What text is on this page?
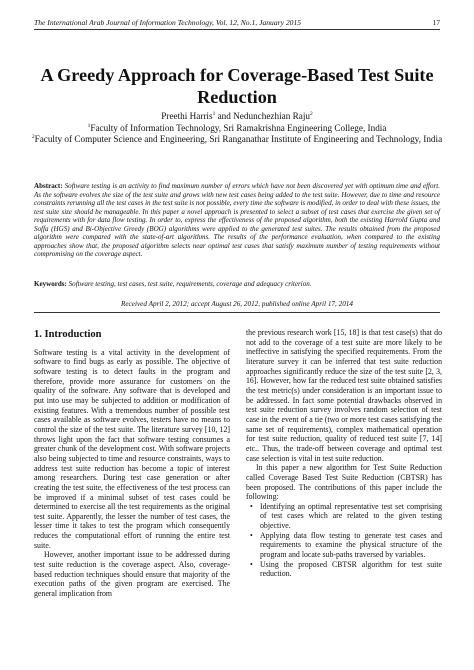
The International Arab Journal of Information Technology, Vol. 12, No.1, January 2015	17
A Greedy Approach for Coverage-Based Test Suite Reduction
Preethi Harris$^1$ and Nedunchezhian Raju$^2$
$^1$Faculty of Information Technology, Sri Ramakrishna Engineering College, India
$^2$Faculty of Computer Science and Engineering, Sri Ranganathar Institute of Engineering and Technology, India
Abstract: Software testing is an activity to find maximum number of errors which have not been discovered yet with optimum time and effort. As the software evolves the size of the test suite and grows with new test cases being added to the test suite. However, due to time and resource constraints rerunning all the test cases in the test suite is not possible, every time the software is modified, in order to deal with these issues, the test suite size should be manageable. In this paper a novel approach is presented to select a subset of test cases that exercise the given set of requirements with for data flow testing. In order to, express the effectiveness of the proposed algorithm, both the existing Harrold Gupta and Soffa (HGS) and Bi-Objective Greedy (BOG) algorithms were applied to the generated test suites. The results obtained from the proposed algorithm were compared with the state-of-art algorithms. The results of the performance evaluation, when compared to the existing approaches show that, the proposed algorithm selects near optimal test cases that satisfy maximum number of testing requirements without compromising on the coverage aspect.
Keywords: Software testing, test cases, test suite, requirements, coverage and adequacy criterion.
Received April 2, 2012; accept August 26, 2012, published online April 17, 2014
1. Introduction

Software testing is a vital activity in the development of software to find bugs as early as possible. The objective of software testing is to detect faults in the program and therefore, provide more assurance for customers on the quality of the software. Any software that is developed and put into use may be subjected to addition or modification of existing features. With a tremendous number of possible test cases available as software evolves, testers have no means to control the size of the test suite. The literature survey [10, 12] throws light upon the fact that software testing consumes a greater chunk of the development cost. With software projects also being subjected to time and resource constraints, ways to address test suite reduction has become a topic of interest among researchers. During test case generation or after creating the test suite, the effectiveness of the test process can be improved if a minimal subset of test cases could be determined to exercise all the test requirements as the original test suite. Apparently, the lesser the number of test cases, the lesser time it takes to test the program which consequently reduces the computational effort of running the entire test suite.

However, another important issue to be addressed during test suite reduction is the coverage aspect. Also, coverage-based reduction techniques should ensure that majority of the execution paths of the given program are exercised. The general implication from

the previous research work [15, 18] is that test case(s) that do not add to the coverage of a test suite are more likely to be ineffective in satisfying the specified requirements. From the literature survey it can be inferred that test suite reduction approaches significantly reduce the size of the test suite [2, 3, 16]. However, how far the reduced test suite obtained satisfies the test metric(s) under consideration is an important issue to be addressed. In fact some potential drawbacks observed in test suite reduction survey involves random selection of test case in the event of a tie (two or more test cases satisfying the same set of requirements), complex mathematical operation for test suite reduction, quality of reduced test suite [7, 14] etc.. Thus, the trade-off between coverage and optimal test case selection is vital in test suite reduction.

In this paper a new algorithm for Test Suite Reduction called Coverage Based Test Suite Reduction (CBTSR) has been proposed. The contributions of this paper include the following:

• Identifying an optimal representative test set comprising of test cases which are related to the given testing objective.
• Applying data flow testing to generate test cases and requirements to examine the physical structure of the program and locate sub-paths traversed by variables.
• Using the proposed CBTSR algorithm for test suite reduction.
